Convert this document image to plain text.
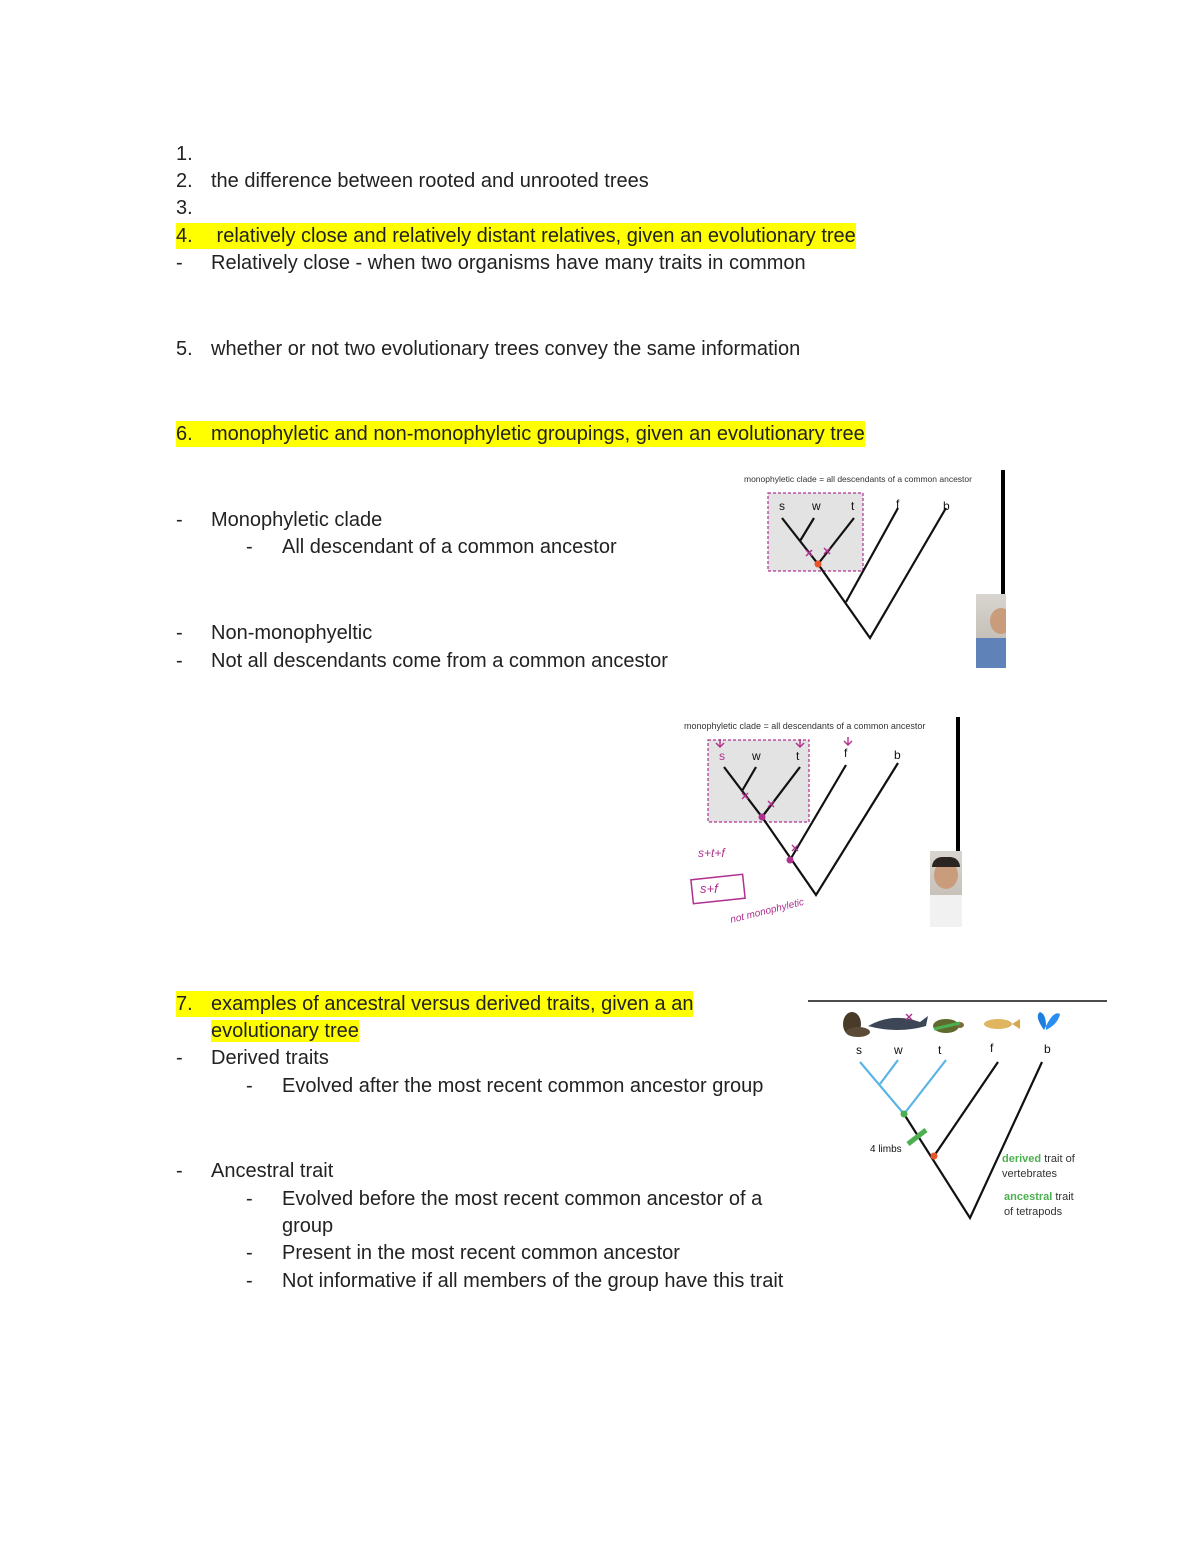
1.
2. the difference between rooted and unrooted trees
3.
4. relatively close and relatively distant relatives, given an evolutionary tree
- Relatively close - when two organisms have many traits in common
5. whether or not two evolutionary trees convey the same information
6. monophyletic and non-monophyletic groupings, given an evolutionary tree
- Monophyletic clade
- All descendant of a common ancestor
- Non-monophyeltic
- Not all descendants come from a common ancestor
7. examples of ancestral versus derived traits, given a an
evolutionary tree
- Derived traits
- Evolved after the most recent common ancestor group
- Ancestral trait
- Evolved before the most recent common ancestor of a
group
- Present in the most recent common ancestor
- Not informative if all members of the group have this trait
monophyletic clade = all descendants of a common ancestor
s w	t	f	b
monophyletic clade = all descendants of a common ancestor
s w	t	f	b
s+t+f
s+f
not monophyletic
s	w	t	f	b
4 limbs
derived trait of
vertebrates
ancestral trait
of tetrapods
